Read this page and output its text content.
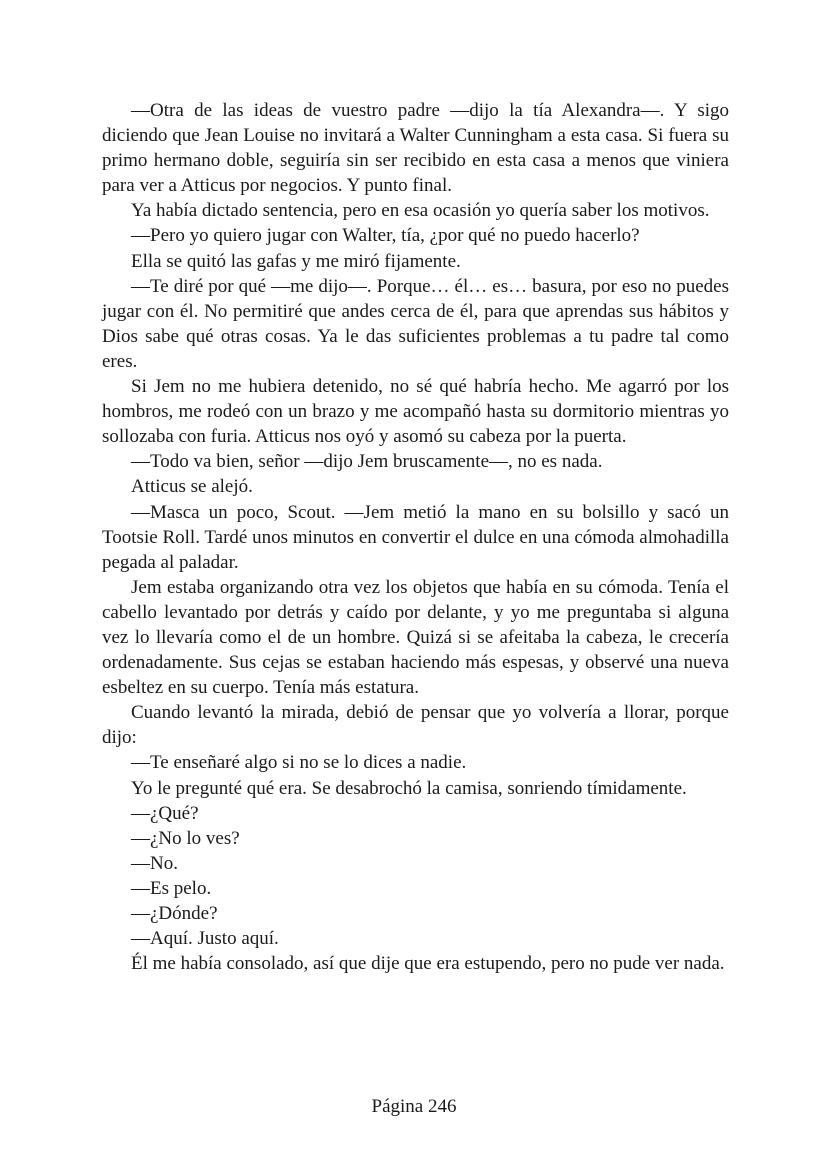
—Otra de las ideas de vuestro padre —dijo la tía Alexandra—. Y sigo diciendo que Jean Louise no invitará a Walter Cunningham a esta casa. Si fuera su primo hermano doble, seguiría sin ser recibido en esta casa a menos que viniera para ver a Atticus por negocios. Y punto final.

Ya había dictado sentencia, pero en esa ocasión yo quería saber los motivos.

—Pero yo quiero jugar con Walter, tía, ¿por qué no puedo hacerlo?

Ella se quitó las gafas y me miró fijamente.

—Te diré por qué —me dijo—. Porque… él… es… basura, por eso no puedes jugar con él. No permitiré que andes cerca de él, para que aprendas sus hábitos y Dios sabe qué otras cosas. Ya le das suficientes problemas a tu padre tal como eres.

Si Jem no me hubiera detenido, no sé qué habría hecho. Me agarró por los hombros, me rodeó con un brazo y me acompañó hasta su dormitorio mientras yo sollozaba con furia. Atticus nos oyó y asomó su cabeza por la puerta.

—Todo va bien, señor —dijo Jem bruscamente—, no es nada.

Atticus se alejó.

—Masca un poco, Scout. —Jem metió la mano en su bolsillo y sacó un Tootsie Roll. Tardé unos minutos en convertir el dulce en una cómoda almohadilla pegada al paladar.

Jem estaba organizando otra vez los objetos que había en su cómoda. Tenía el cabello levantado por detrás y caído por delante, y yo me preguntaba si alguna vez lo llevaría como el de un hombre. Quizá si se afeitaba la cabeza, le crecería ordenadamente. Sus cejas se estaban haciendo más espesas, y observé una nueva esbeltez en su cuerpo. Tenía más estatura.

Cuando levantó la mirada, debió de pensar que yo volvería a llorar, porque dijo:

—Te enseñaré algo si no se lo dices a nadie.

Yo le pregunté qué era. Se desabrochó la camisa, sonriendo tímidamente.

—¿Qué?

—¿No lo ves?

—No.

—Es pelo.

—¿Dónde?

—Aquí. Justo aquí.

Él me había consolado, así que dije que era estupendo, pero no pude ver nada.

Página 246
